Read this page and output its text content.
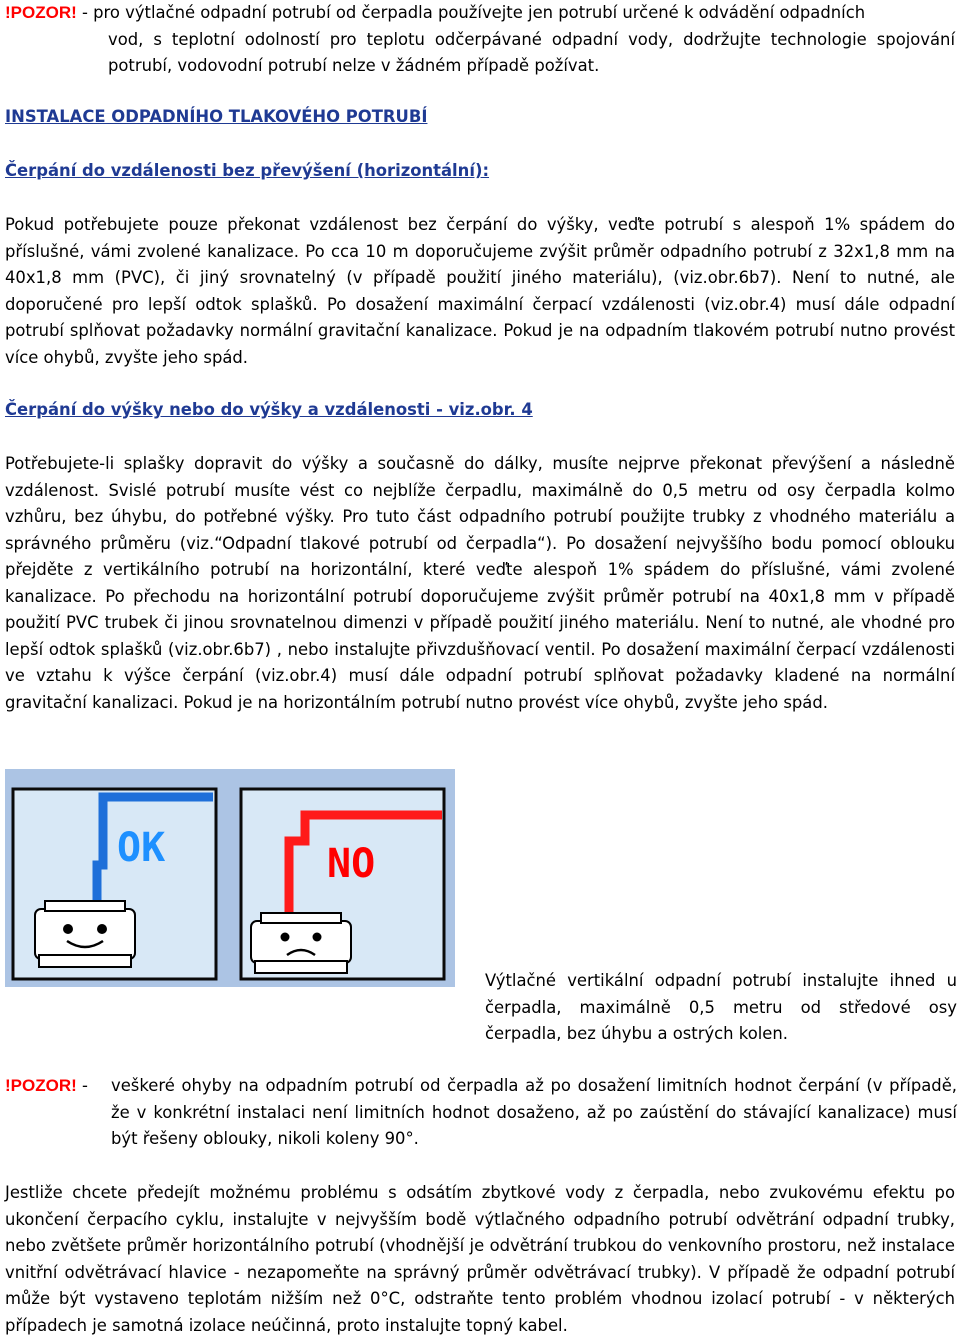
!POZOR! - pro výtlačné odpadní potrubí od čerpadla používejte jen potrubí určené k odvádění odpadních
vod, s teplotní odolností pro teplotu odčerpávané odpadní vody, dodržujte technologie spojování potrubí, vodovodní potrubí nelze v žádném případě požívat.
INSTALACE ODPADNÍHO TLAKOVÉHO POTRUBÍ
Čerpání do vzdálenosti bez převýšení (horizontální):

Pokud potřebujete pouze překonat vzdálenost bez čerpání do výšky, veďte potrubí s alespoň 1% spádem do příslušné, vámi zvolené kanalizace. Po cca 10 m doporučujeme zvýšit průměr odpadního potrubí z 32x1,8 mm na 40x1,8 mm (PVC), či jiný srovnatelný (v případě použití jiného materiálu), (viz.obr.6b7). Není to nutné, ale doporučené pro lepší odtok splašků. Po dosažení maximální čerpací vzdálenosti (viz.obr.4) musí dále odpadní potrubí splňovat požadavky normální gravitační kanalizace. Pokud je na odpadním tlakovém potrubí nutno provést více ohybů, zvyšte jeho spád.

Čerpání do výšky nebo do výšky a vzdálenosti - viz.obr. 4

Potřebujete-li splašky dopravit do výšky a současně do dálky, musíte nejprve překonat převýšení a následně vzdálenost. Svislé potrubí musíte vést co nejblíže čerpadlu, maximálně do 0,5 metru od osy čerpadla kolmo vzhůru, bez úhybu, do potřebné výšky. Pro tuto část odpadního potrubí použijte trubky z vhodného materiálu a správného průměru (viz.“Odpadní tlakové potrubí od čerpadla“). Po dosažení nejvyššího bodu pomocí oblouku přejděte z vertikálního potrubí na horizontální, které veďte alespoň 1% spádem do příslušné, vámi zvolené kanalizace. Po přechodu na horizontální potrubí doporučujeme zvýšit průměr potrubí na 40x1,8 mm v případě použití PVC trubek či jinou srovnatelnou dimenzi v případě použití jiného materiálu. Není to nutné, ale vhodné pro lepší odtok splašků (viz.obr.6b7) , nebo instalujte přivzdušňovací ventil. Po dosažení maximální čerpací vzdálenosti ve vztahu k výšce čerpání (viz.obr.4) musí dále odpadní potrubí splňovat požadavky kladené na normální gravitační kanalizaci. Pokud je na horizontálním potrubí nutno provést více ohybů, zvyšte jeho spád.

OK	NO

Výtlačné vertikální odpadní potrubí instalujte ihned u čerpadla, maximálně 0,5 metru od středové osy čerpadla, bez úhybu a ostrých kolen.

!POZOR! - veškeré ohyby na odpadním potrubí od čerpadla až po dosažení limitních hodnot čerpání (v případě, že v konkrétní instalaci není limitních hodnot dosaženo, až po zaústění do stávající kanalizace) musí být řešeny oblouky, nikoli koleny 90°.

Jestliže chcete předejít možnému problému s odsátím zbytkové vody z čerpadla, nebo zvukovému efektu po ukončení čerpacího cyklu, instalujte v nejvyšším bodě výtlačného odpadního potrubí odvětrání odpadní trubky, nebo zvětšete průměr horizontálního potrubí (vhodnější je odvětrání trubkou do venkovního prostoru, než instalace vnitřní odvětrávací hlavice - nezapomeňte na správný průměr odvětrávací trubky). V případě že odpadní potrubí může být vystaveno teplotám nižším než 0°C, odstraňte tento problém vhodnou izolací potrubí - v některých případech je samotná izolace neúčinná, proto instalujte topný kabel.
